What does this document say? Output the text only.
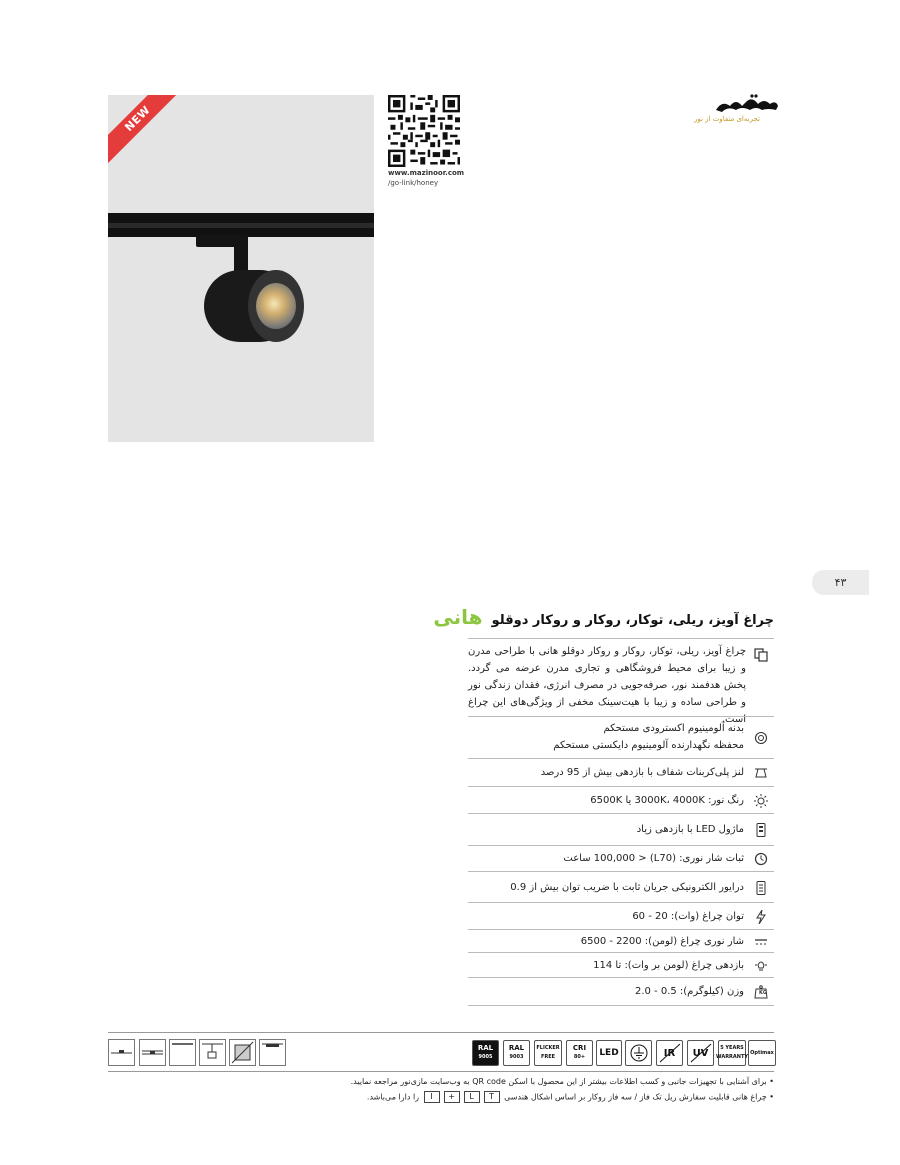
NEW
www.mazinoor.com
/go-link/honey
تجربه‌ای متفاوت از نور
۴۳
چراغ آویز، ریلی، توکار، روکار و روکار دوقلو هانی
چراغ آویز، ریلی، توکار، روکار و روکار دوقلو هانی با طراحی مدرن و زیبا برای محیط فروشگاهی و تجاری مدرن عرضه می گردد. پخش هدفمند نور، صرفه‌جویی در مصرف انرژی، فقدان زندگی نور و طراحی ساده و زیبا با هیت‌سینک مخفی از ویژگی‌های این چراغ است.
بدنه آلومینیوم اکسترودی مستحکم
محفظه نگهدارنده آلومینیوم دایکستی مستحکم
لنز پلی‌کربنات شفاف با بازدهی بیش از 95 درصد
رنگ نور: 3000K، 4000K یا 6500K
ماژول LED با بازدهی زیاد
ثبات شار نوری: (L70) < 100,000 ساعت
درایور الکترونیکی جریان ثابت با ضریب توان بیش از 0.9
توان چراغ (وات): 20 - 60
شار نوری چراغ (لومن): 2200 - 6500
بازدهی چراغ (لومن بر وات): تا 114
KG
وزن (کیلوگرم): 0.5 - 2.0
RAL
9005
RAL
9003
FLICKER
FREE
CRI
80+ LED	IR UV 5 YEARS
WARRANTY
Optimax
• برای آشنایی با تجهیزات جانبی و کسب اطلاعات بیشتر از این محصول با اسکن QR code به وب‌سایت مازی‌نور مراجعه نمایید.
• چراغ هانی قابلیت سفارش ریل تک فاز / سه فاز روکار بر اساس اشکال هندسی TL+I را دارا می‌باشد.
